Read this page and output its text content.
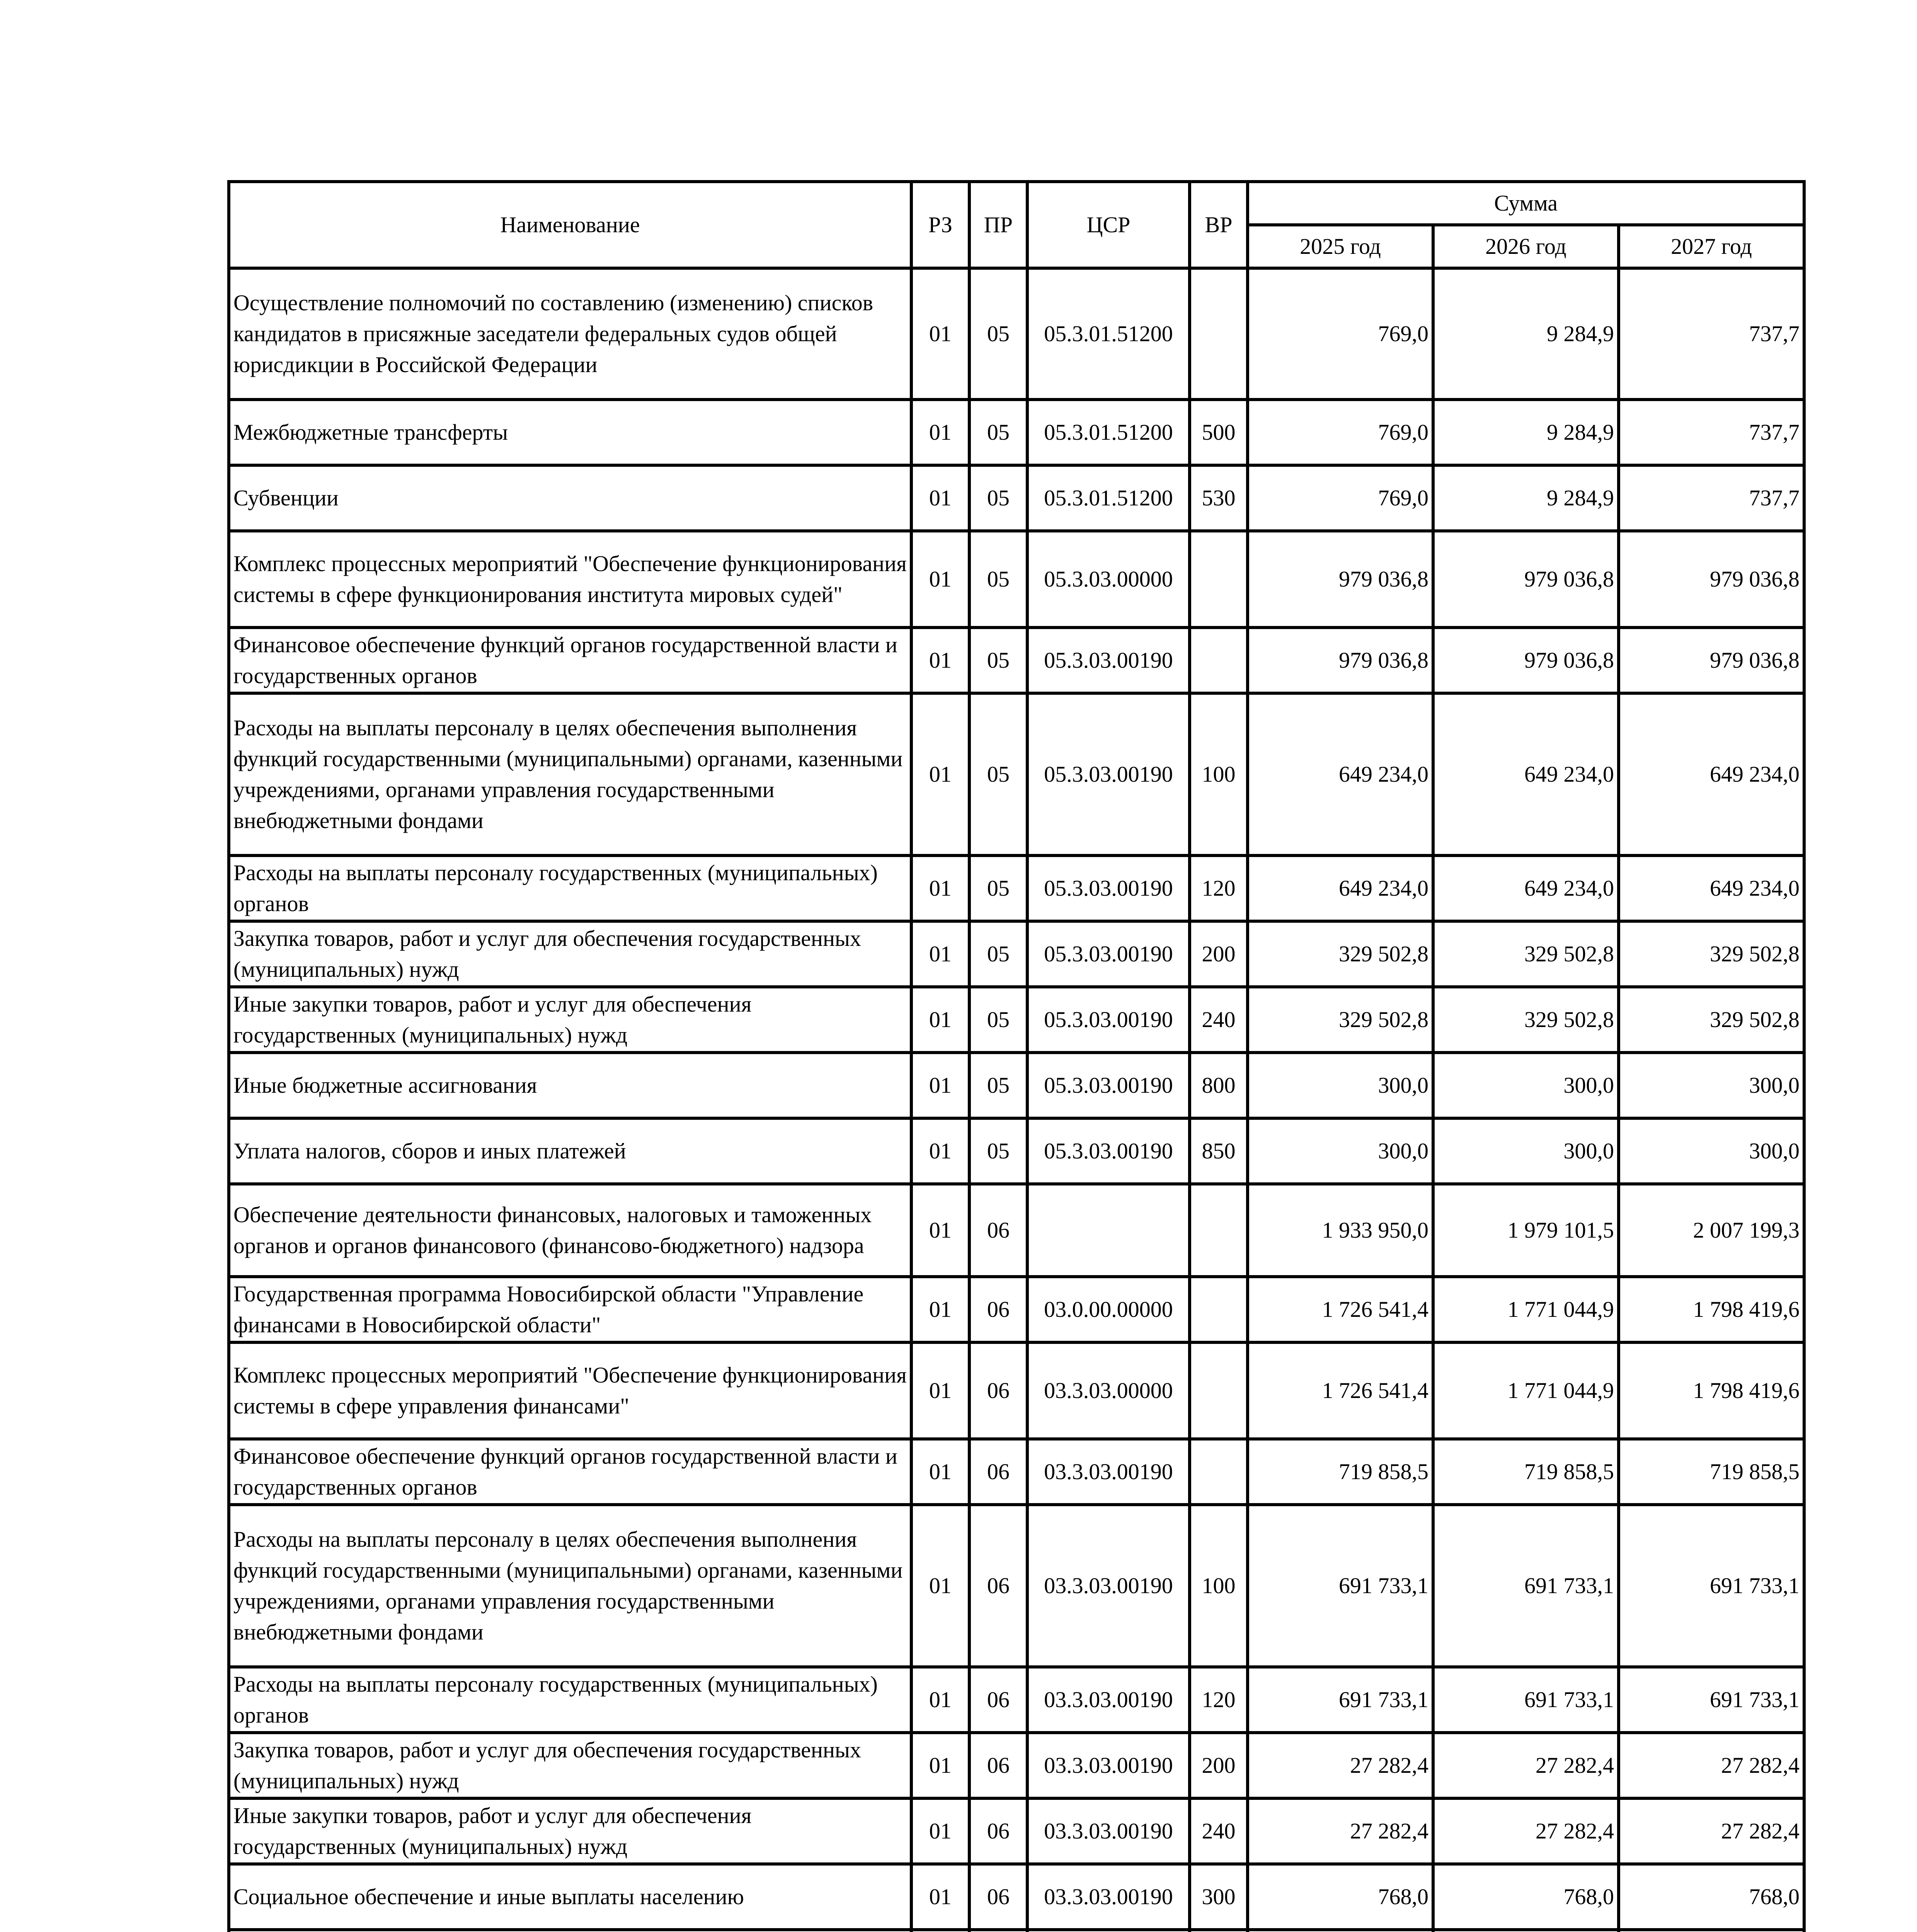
Наименование	РЗ	ПР	ЦСР	ВР	Сумма		
					2025 год	2026 год	2027 год
Осуществление полномочий по составлению (изменению) списков кандидатов в присяжные заседатели федеральных судов общей юрисдикции в Российской Федерации	01	05	05.3.01.51200		769,0	9 284,9	737,7
Межбюджетные трансферты	01	05	05.3.01.51200	500	769,0	9 284,9	737,7
Субвенции	01	05	05.3.01.51200	530	769,0	9 284,9	737,7
Комплекс процессных мероприятий "Обеспечение функционирования системы в сфере функционирования института мировых судей"	01	05	05.3.03.00000		979 036,8	979 036,8	979 036,8
Финансовое обеспечение функций органов государственной власти и государственных органов	01	05	05.3.03.00190		979 036,8	979 036,8	979 036,8
Расходы на выплаты персоналу в целях обеспечения выполнения функций государственными (муниципальными) органами, казенными учреждениями, органами управления государственными внебюджетными фондами	01	05	05.3.03.00190	100	649 234,0	649 234,0	649 234,0
Расходы на выплаты персоналу государственных (муниципальных) органов	01	05	05.3.03.00190	120	649 234,0	649 234,0	649 234,0
Закупка товаров, работ и услуг для обеспечения государственных (муниципальных) нужд	01	05	05.3.03.00190	200	329 502,8	329 502,8	329 502,8
Иные закупки товаров, работ и услуг для обеспечения государственных (муниципальных) нужд	01	05	05.3.03.00190	240	329 502,8	329 502,8	329 502,8
Иные бюджетные ассигнования	01	05	05.3.03.00190	800	300,0	300,0	300,0
Уплата налогов, сборов и иных платежей	01	05	05.3.03.00190	850	300,0	300,0	300,0
Обеспечение деятельности финансовых, налоговых и таможенных органов и органов финансового (финансово-бюджетного) надзора	01	06			1 933 950,0	1 979 101,5	2 007 199,3
Государственная программа Новосибирской области "Управление финансами в Новосибирской области"	01	06	03.0.00.00000		1 726 541,4	1 771 044,9	1 798 419,6
Комплекс процессных мероприятий "Обеспечение функционирования системы в сфере управления финансами"	01	06	03.3.03.00000		1 726 541,4	1 771 044,9	1 798 419,6
Финансовое обеспечение функций органов государственной власти и государственных органов	01	06	03.3.03.00190		719 858,5	719 858,5	719 858,5
Расходы на выплаты персоналу в целях обеспечения выполнения функций государственными (муниципальными) органами, казенными учреждениями, органами управления государственными внебюджетными фондами	01	06	03.3.03.00190	100	691 733,1	691 733,1	691 733,1
Расходы на выплаты персоналу государственных (муниципальных) органов	01	06	03.3.03.00190	120	691 733,1	691 733,1	691 733,1
Закупка товаров, работ и услуг для обеспечения государственных (муниципальных) нужд	01	06	03.3.03.00190	200	27 282,4	27 282,4	27 282,4
Иные закупки товаров, работ и услуг для обеспечения государственных (муниципальных) нужд	01	06	03.3.03.00190	240	27 282,4	27 282,4	27 282,4
Социальное обеспечение и иные выплаты населению	01	06	03.3.03.00190	300	768,0	768,0	768,0
